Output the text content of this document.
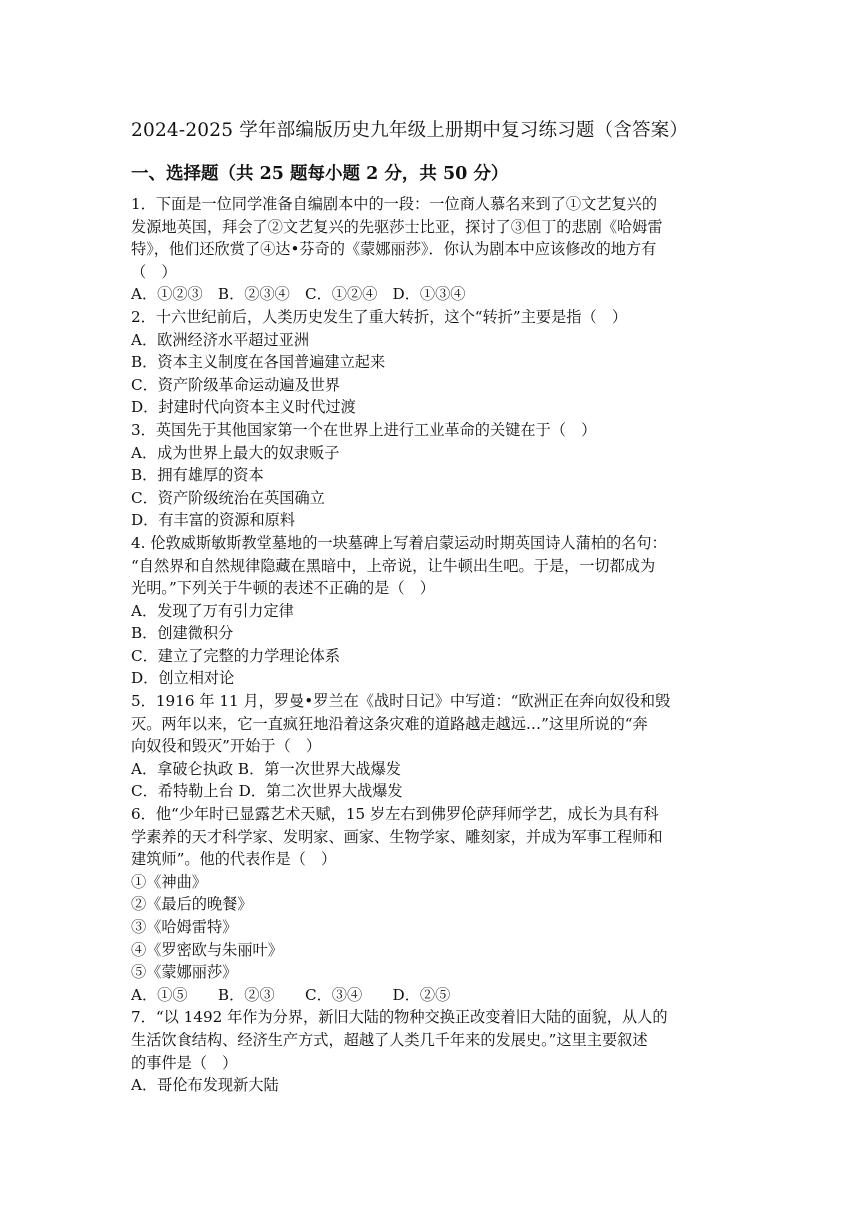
2024-2025 学年部编版历史九年级上册期中复习练习题（含答案）
一、选择题（共 25 题每小题 2 分，共 50 分）
1．下面是一位同学准备自编剧本中的一段：一位商人慕名来到了①文艺复兴的
发源地英国，拜会了②文艺复兴的先驱莎士比亚，探讨了③但丁的悲剧《哈姆雷
特》，他们还欣赏了④达•芬奇的《蒙娜丽莎》．你认为剧本中应该修改的地方有
（　）
A．①②③　B．②③④　C．①②④　D．①③④
2．十六世纪前后，人类历史发生了重大转折，这个“转折”主要是指（　）
A．欧洲经济水平超过亚洲
B．资本主义制度在各国普遍建立起来
C．资产阶级革命运动遍及世界
D．封建时代向资本主义时代过渡
3．英国先于其他国家第一个在世界上进行工业革命的关键在于（　）
A．成为世界上最大的奴隶贩子
B．拥有雄厚的资本
C．资产阶级统治在英国确立
D．有丰富的资源和原料
4. 伦敦威斯敏斯教堂墓地的一块墓碑上写着启蒙运动时期英国诗人蒲柏的名句：
“自然界和自然规律隐藏在黑暗中，上帝说，让牛顿出生吧。于是，一切都成为
光明。”下列关于牛顿的表述不正确的是（　）
A．发现了万有引力定律
B．创建微积分
C．建立了完整的力学理论体系
D．创立相对论
5．1916 年 11 月，罗曼•罗兰在《战时日记》中写道：“欧洲正在奔向奴役和毁
灭。两年以来，它一直疯狂地沿着这条灾难的道路越走越远…”这里所说的“奔
向奴役和毁灭”开始于（　）
A．拿破仑执政 B．第一次世界大战爆发
C．希特勒上台 D．第二次世界大战爆发
6．他“少年时已显露艺术天赋，15 岁左右到佛罗伦萨拜师学艺，成长为具有科
学素养的天才科学家、发明家、画家、生物学家、雕刻家，并成为军事工程师和
建筑师”。他的代表作是（　）
①《神曲》
②《最后的晚餐》
③《哈姆雷特》
④《罗密欧与朱丽叶》
⑤《蒙娜丽莎》
A．①⑤　　B．②③　　C．③④　　D．②⑤
7．“以 1492 年作为分界，新旧大陆的物种交换正改变着旧大陆的面貌，从人的
生活饮食结构、经济生产方式，超越了人类几千年来的发展史。”这里主要叙述
的事件是（　）
A．哥伦布发现新大陆
